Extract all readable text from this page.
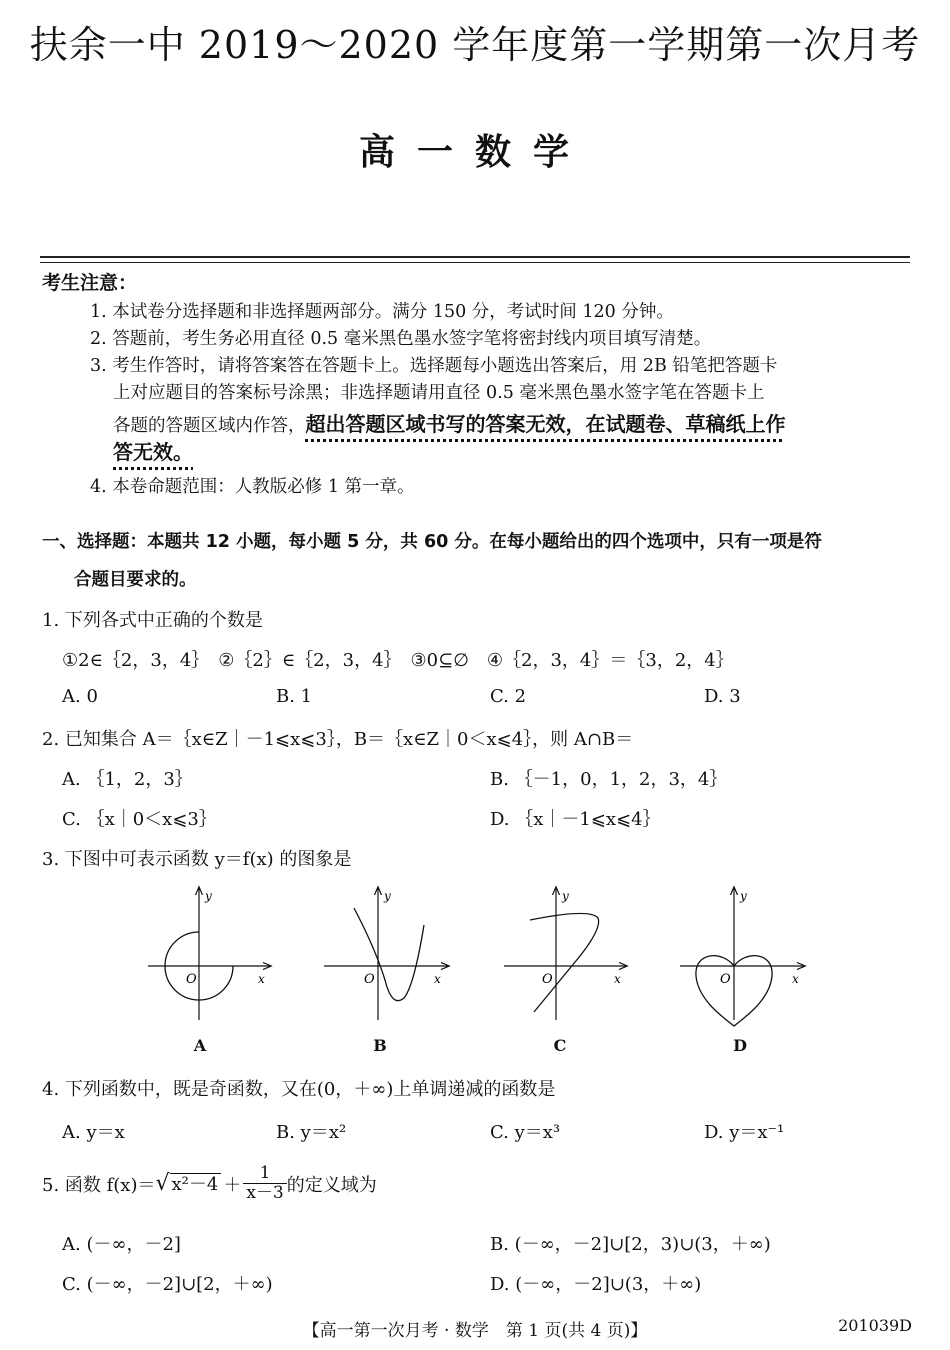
扶余一中 2019～2020 学年度第一学期第一次月考
高一数学
考生注意：
1. 本试卷分选择题和非选择题两部分。满分 150 分，考试时间 120 分钟。
2. 答题前，考生务必用直径 0.5 毫米黑色墨水签字笔将密封线内项目填写清楚。
3. 考生作答时，请将答案答在答题卡上。选择题每小题选出答案后，用 2B 铅笔把答题卡
上对应题目的答案标号涂黑；非选择题请用直径 0.5 毫米黑色墨水签字笔在答题卡上
各题的答题区域内作答，超出答题区域书写的答案无效，在试题卷、草稿纸上作
答无效。
4. 本卷命题范围：人教版必修 1 第一章。
一、选择题：本题共 12 小题，每小题 5 分，共 60 分。在每小题给出的四个选项中，只有一项是符
合题目要求的。
1. 下列各式中正确的个数是
①2∈｛2，3，4｝　②｛2｝∈｛2，3，4｝　③0⊆∅　④｛2，3，4｝＝｛3，2，4｝
A. 0	B. 1	C. 2	D. 3
2. 已知集合 A＝｛x∈Z｜－1⩽x⩽3｝，B＝｛x∈Z｜0＜x⩽4｝，则 A∩B＝
A. ｛1，2，3｝	B. ｛－1，0，1，2，3，4｝
C. ｛x｜0＜x⩽3｝	D. ｛x｜－1⩽x⩽4｝
3. 下图中可表示函数 y＝f(x) 的图象是
O	x
y
O	x
y
O	x
y
O	x
y
A	B	C	D
4. 下列函数中，既是奇函数，又在(0，＋∞)上单调递减的函数是
A. y＝x	B. y＝x²	C. y＝x³	D. y＝x⁻¹
5. 函数 f(x)＝ √ $x^2-4 + \frac{1}{x-3}$ 的定义域为
A. (－∞，－2]	B. (－∞，－2]∪[2，3)∪(3，＋∞)
C. (－∞，－2]∪[2，＋∞)	D. (－∞，－2]∪(3，＋∞)
【高一第一次月考 · 数学　第 1 页(共 4 页)】	201039D
